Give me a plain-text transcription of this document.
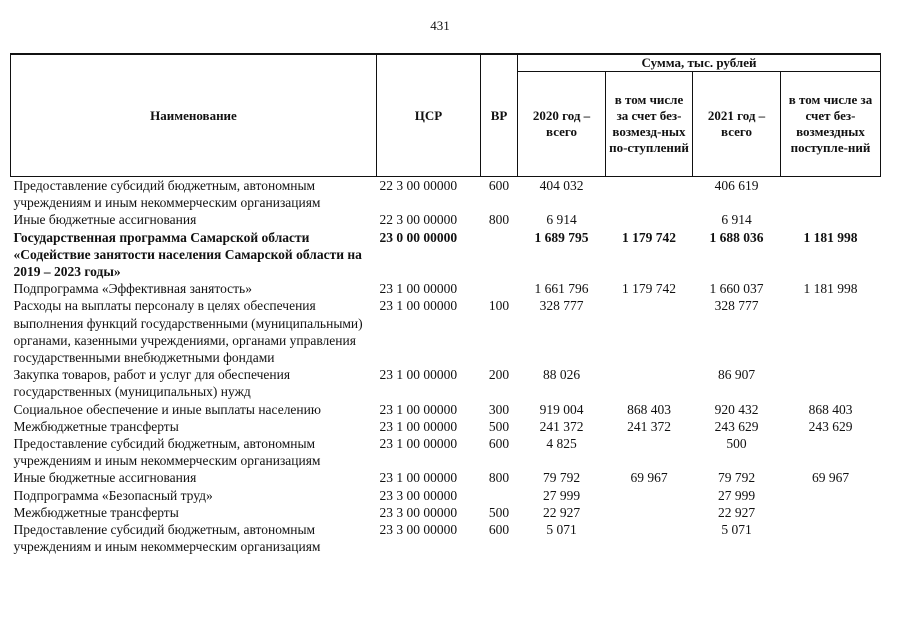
431
Наименование	ЦСР	ВР	Сумма, тыс. рублей			
			2020 год – всего	в том числе за счет без-возмезд-ных по-ступлений	2021 год – всего	в том числе за счет без-возмездных поступле-ний
Предоставление субсидий бюджетным, автономным учреждениям и иным некоммерческим организациям	22 3 00 00000	600	404 032		406 619	
Иные бюджетные ассигнования	22 3 00 00000	800	6 914		6 914	
Государственная программа Самарской области «Содействие занятости населения Самарской области на 2019 – 2023 годы»	23 0 00 00000		1 689 795	1 179 742	1 688 036	1 181 998
Подпрограмма «Эффективная занятость»	23 1 00 00000		1 661 796	1 179 742	1 660 037	1 181 998
Расходы на выплаты персоналу в целях обеспечения выполнения функций государственными (муниципальными) органами, казенными учреждениями, органами управления государственными внебюджетными фондами	23 1 00 00000	100	328 777		328 777	
Закупка товаров, работ и услуг для обеспечения государственных (муниципальных) нужд	23 1 00 00000	200	88 026		86 907	
Социальное обеспечение и иные выплаты населению	23 1 00 00000	300	919 004	868 403	920 432	868 403
Межбюджетные трансферты	23 1 00 00000	500	241 372	241 372	243 629	243 629
Предоставление субсидий бюджетным, автономным учреждениям и иным некоммерческим организациям	23 1 00 00000	600	4 825		500	
Иные бюджетные ассигнования	23 1 00 00000	800	79 792	69 967	79 792	69 967
Подпрограмма «Безопасный труд»	23 3 00 00000		27 999		27 999	
Межбюджетные трансферты	23 3 00 00000	500	22 927		22 927	
Предоставление субсидий бюджетным, автономным учреждениям и иным некоммерческим организациям	23 3 00 00000	600	5 071		5 071	
